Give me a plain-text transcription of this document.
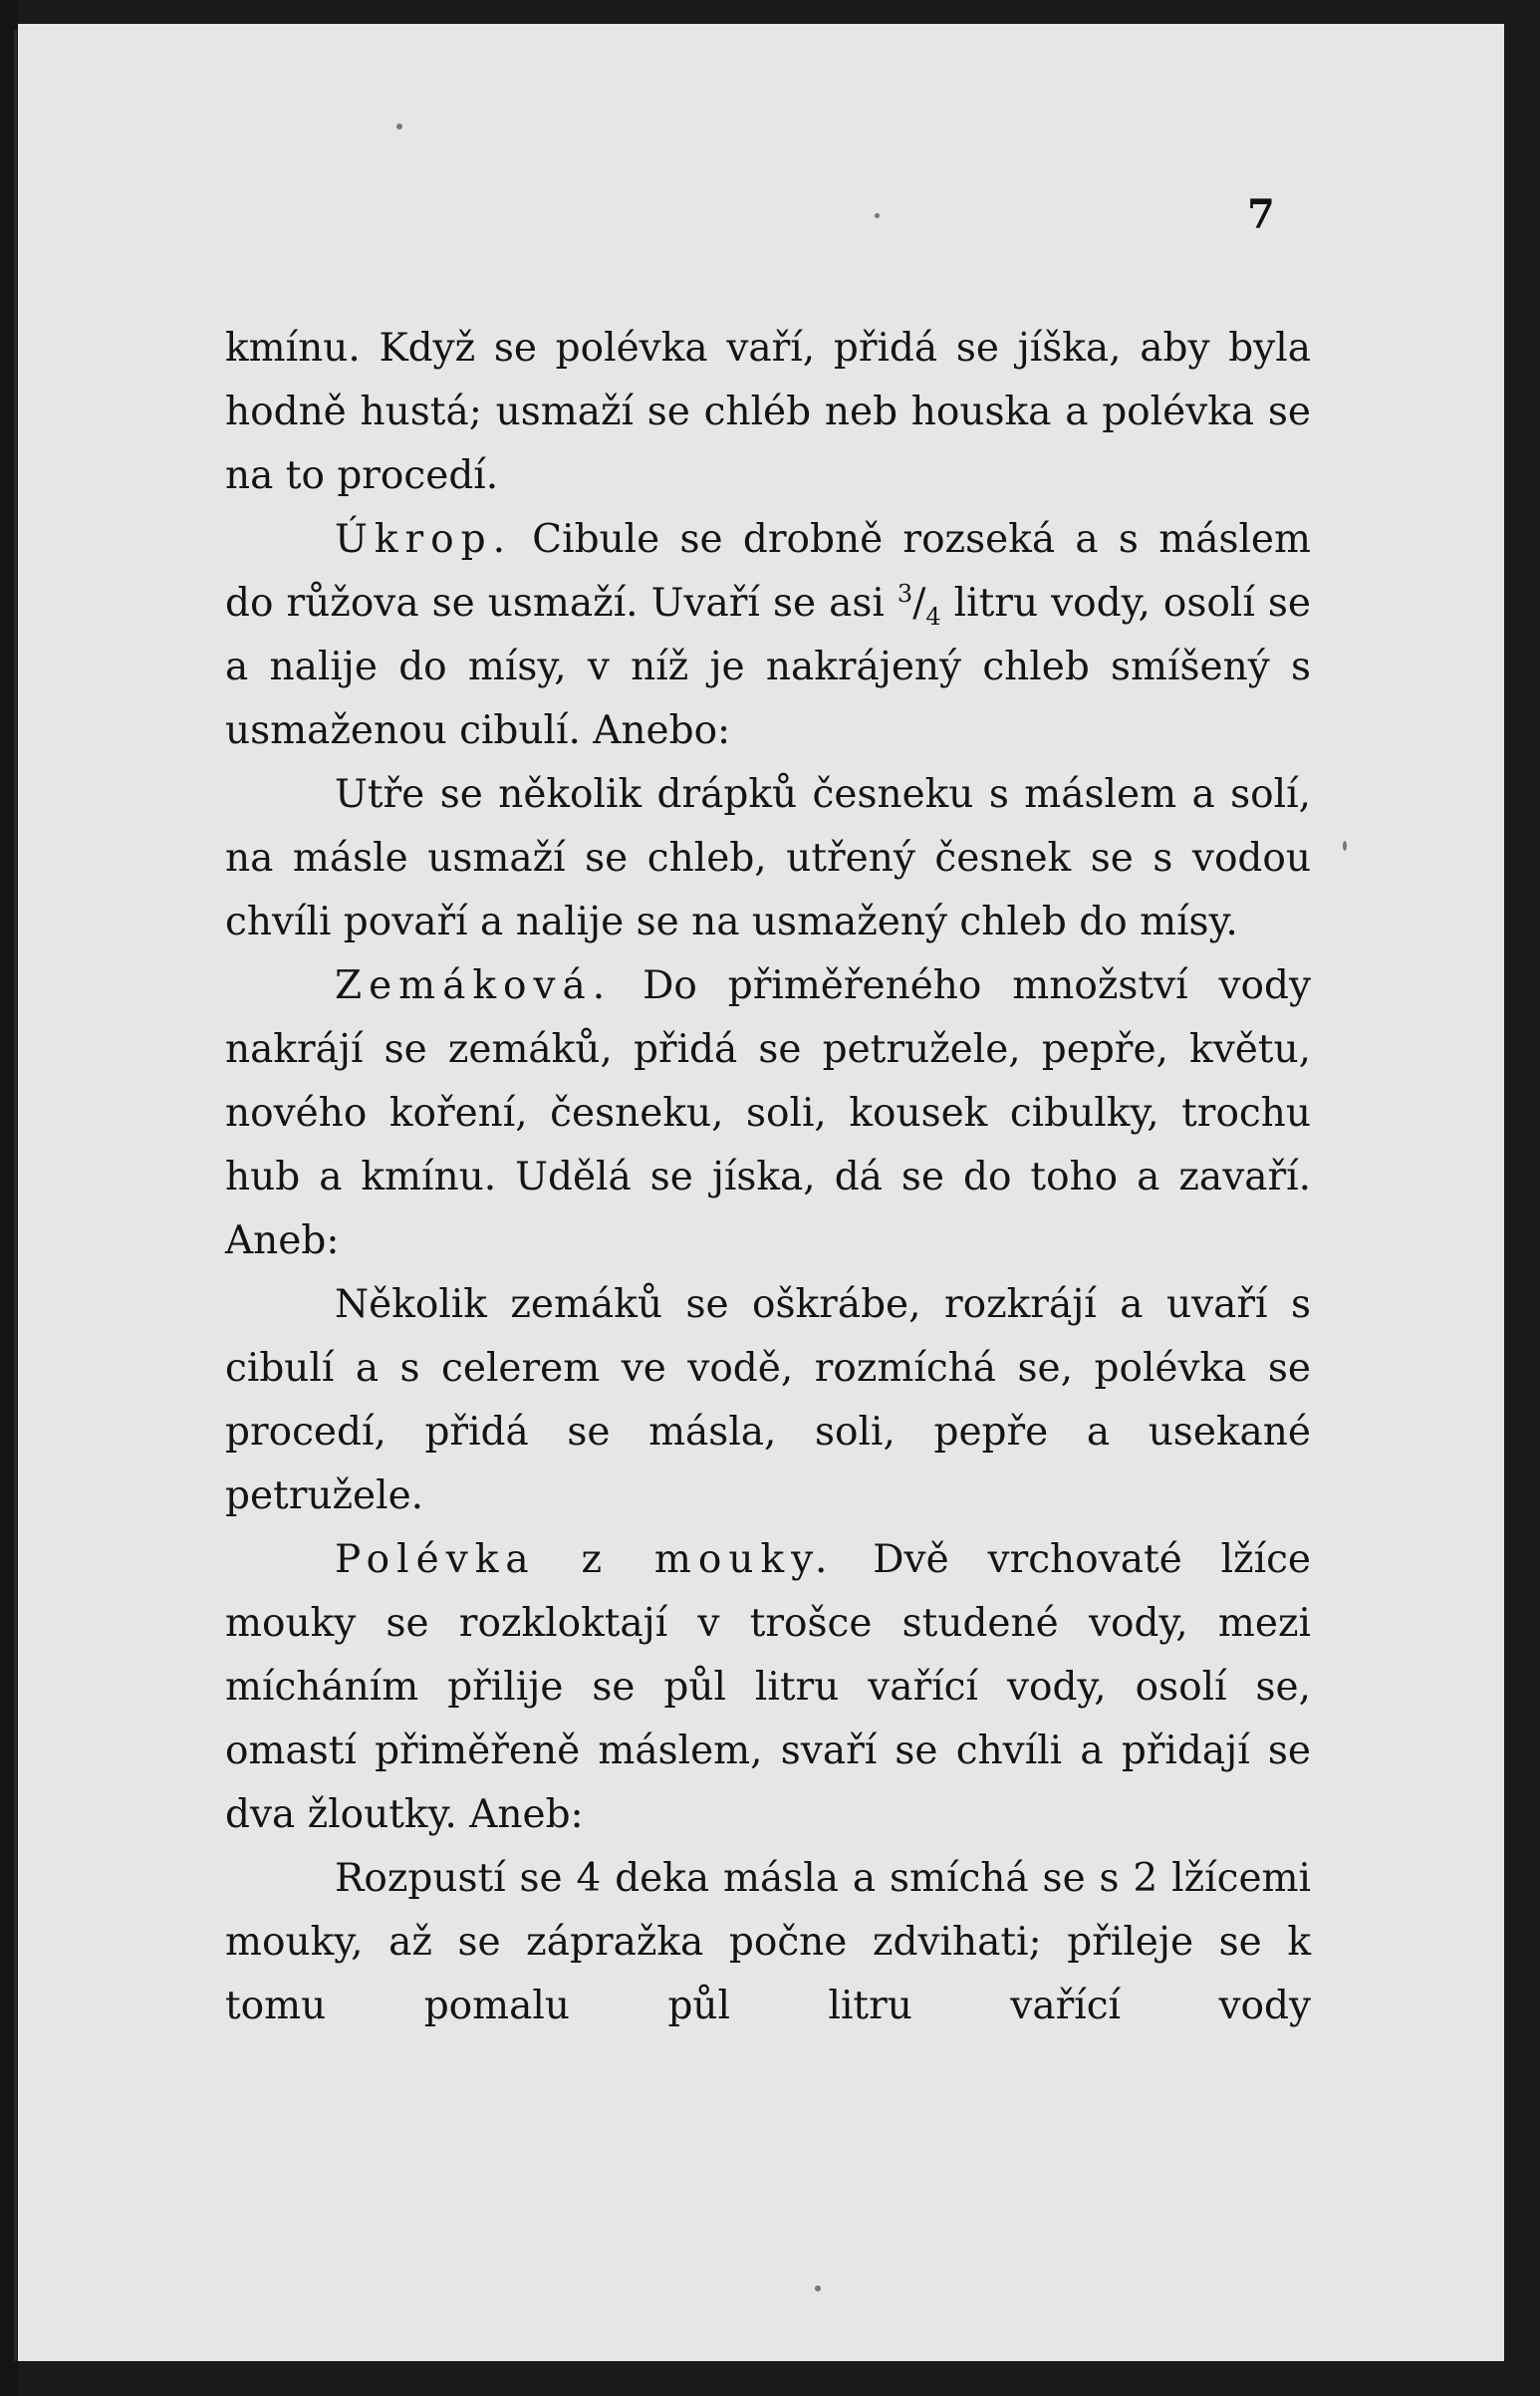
7

kmínu. Když se polévka vaří, přidá se jíška, aby byla hodně hustá; usmaží se chléb neb houska a polévka se na to procedí.

Úkrop. Cibule se drobně rozseká a s máslem do růžova se usmaží. Uvaří se asi $^3/_4$ litru vody, osolí se a nalije do mísy, v níž je nakrájený chleb smíšený s usmaženou cibulí. Anebo:

Utře se několik drápků česneku s máslem a solí, na másle usmaží se chleb, utřený česnek se s vodou chvíli povaří a nalije se na usmažený chleb do mísy.

Zemáková. Do přiměřeného množství vody nakrájí se zemáků, přidá se petružele, pepře, květu, nového koření, česneku, soli, kousek cibulky, trochu hub a kmínu. Udělá se jíska, dá se do toho a zavaří. Aneb:

Několik zemáků se oškrábe, rozkrájí a uvaří s cibulí a s celerem ve vodě, rozmíchá se, polévka se procedí, přidá se másla, soli, pepře a usekané petružele.

Polévka z mouky. Dvě vrchovaté lžíce mouky se rozkloktají v trošce studené vody, mezi mícháním přilije se půl litru vařící vody, osolí se, omastí přiměřeně máslem, svaří se chvíli a přidají se dva žloutky. Aneb:

Rozpustí se 4 deka másla a smíchá se s 2 lžícemi mouky, až se zápražka počne zdvihati; přileje se k tomu pomalu půl litru vařící vody
